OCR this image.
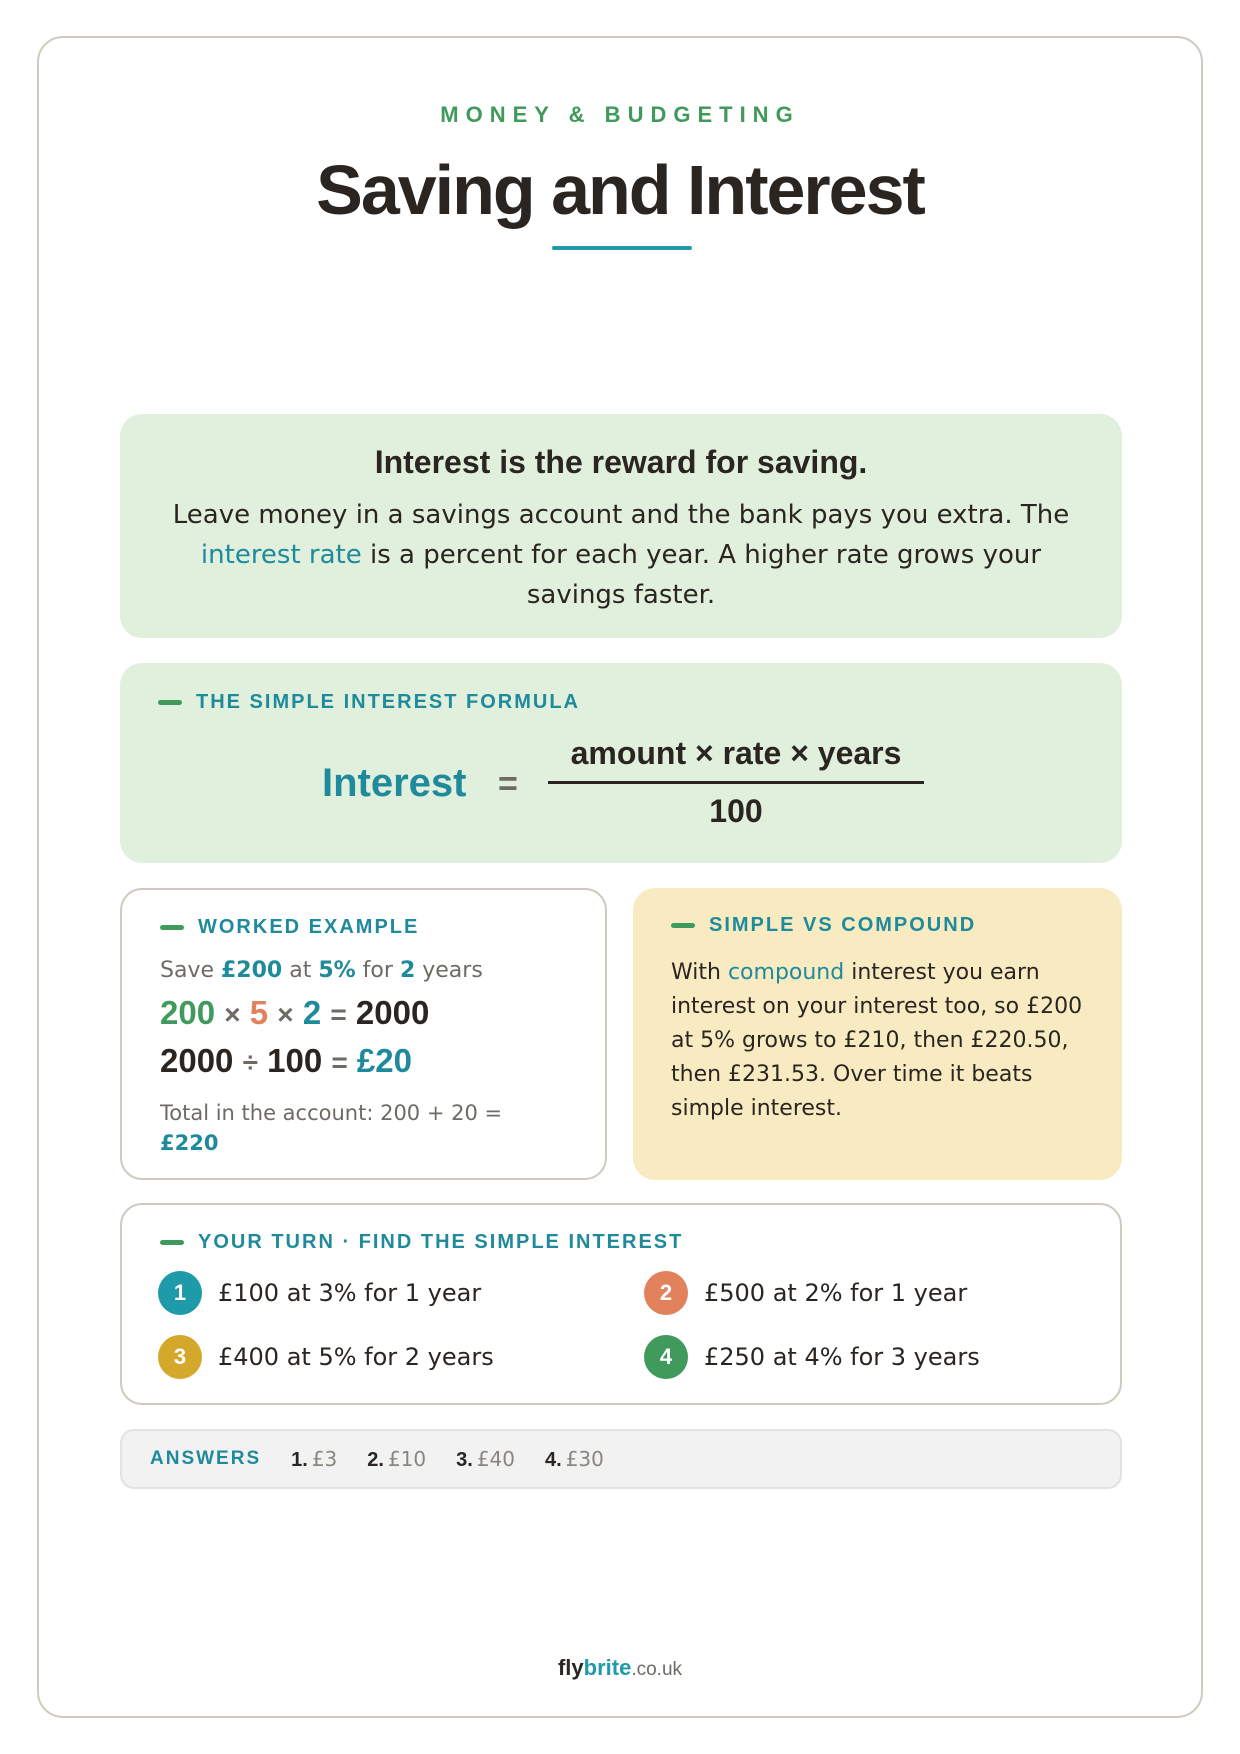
MONEY & BUDGETING
Saving and Interest
Interest is the reward for saving.
Leave money in a savings account and the bank pays you extra. The interest rate is a percent for each year. A higher rate grows your savings faster.
THE SIMPLE INTEREST FORMULA
Interest =
amount × rate × years
100
WORKED EXAMPLE
Save £200 at 5% for 2 years
200 × 5 × 2 = 2000
2000 ÷ 100 = £20
Total in the account: 200 + 20 = £220
SIMPLE VS COMPOUND
With compound interest you earn interest on your interest too, so £200 at 5% grows to £210, then £220.50, then £231.53. Over time it beats simple interest.
YOUR TURN · FIND THE SIMPLE INTEREST
1	£100 at 3% for 1 year	2	£500 at 2% for 1 year
3	£400 at 5% for 2 years	4	£250 at 4% for 3 years
ANSWERS 1. £3 2. £10 3. £40 4. £30
flybrite.co.uk
